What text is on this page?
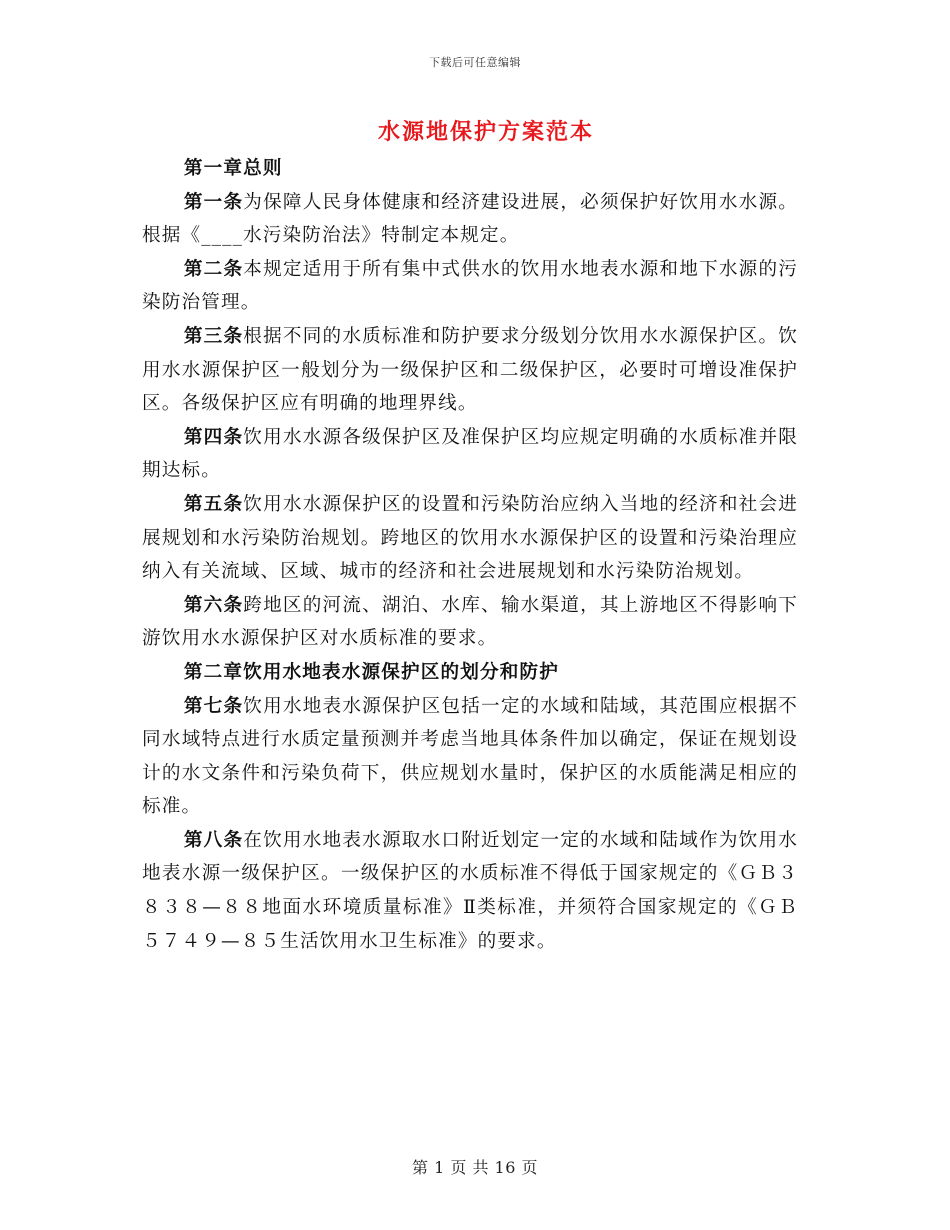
下载后可任意编辑
水源地保护方案范本

第一章总则

第一条为保障人民身体健康和经济建设进展，必须保护好饮用水水源。根据《____水污染防治法》特制定本规定。

第二条本规定适用于所有集中式供水的饮用水地表水源和地下水源的污染防治管理。

第三条根据不同的水质标准和防护要求分级划分饮用水水源保护区。饮用水水源保护区一般划分为一级保护区和二级保护区，必要时可增设准保护区。各级保护区应有明确的地理界线。

第四条饮用水水源各级保护区及准保护区均应规定明确的水质标准并限期达标。

第五条饮用水水源保护区的设置和污染防治应纳入当地的经济和社会进展规划和水污染防治规划。跨地区的饮用水水源保护区的设置和污染治理应纳入有关流域、区域、城市的经济和社会进展规划和水污染防治规划。

第六条跨地区的河流、湖泊、水库、输水渠道，其上游地区不得影响下游饮用水水源保护区对水质标准的要求。

第二章饮用水地表水源保护区的划分和防护

第七条饮用水地表水源保护区包括一定的水域和陆域，其范围应根据不同水域特点进行水质定量预测并考虑当地具体条件加以确定，保证在规划设计的水文条件和污染负荷下，供应规划水量时，保护区的水质能满足相应的标准。

第八条在饮用水地表水源取水口附近划定一定的水域和陆域作为饮用水地表水源一级保护区。一级保护区的水质标准不得低于国家规定的《ＧＢ３８３８—８８地面水环境质量标准》Ⅱ类标准，并须符合国家规定的《ＧＢ５７４９—８５生活饮用水卫生标准》的要求。

第 1 页 共 16 页
